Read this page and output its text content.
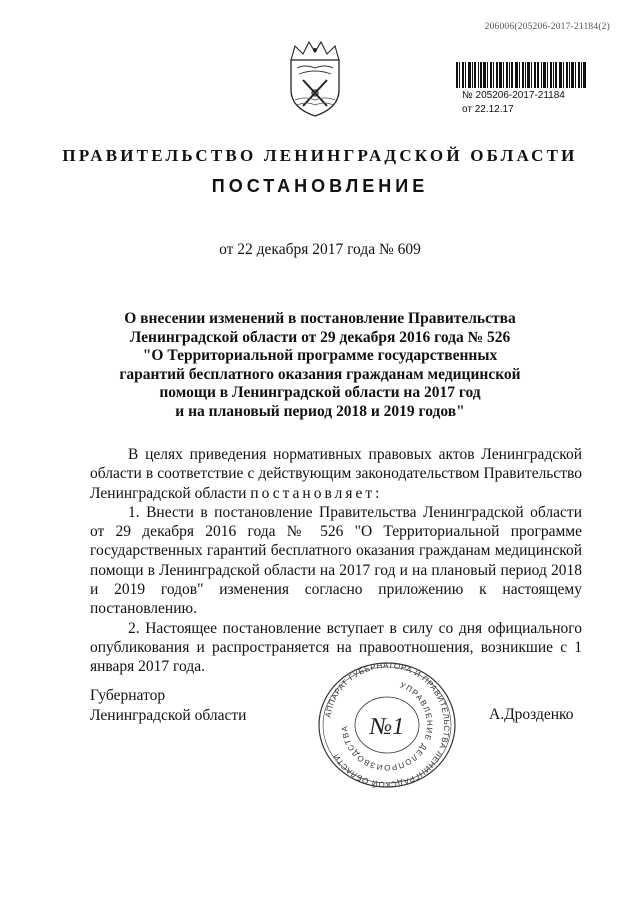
206006(205206-2017-21184(2)
№ 205206-2017-21184
от 22.12.17
ПРАВИТЕЛЬСТВО ЛЕНИНГРАДСКОЙ ОБЛАСТИ
ПОСТАНОВЛЕНИЕ
от 22 декабря 2017 года № 609
О внесении изменений в постановление Правительства
Ленинградской области от 29 декабря 2016 года № 526
"О Территориальной программе государственных
гарантий бесплатного оказания гражданам медицинской
помощи в Ленинградской области на 2017 год
и на плановый период 2018 и 2019 годов"

В целях приведения нормативных правовых актов Ленинградской области в соответствие с действующим законодательством Правительство Ленинградской области постановляет:

1. Внести в постановление Правительства Ленинградской области от 29 декабря 2016 года № 526 "О Территориальной программе государственных гарантий бесплатного оказания гражданам медицинской помощи в Ленинградской области на 2017 год и на плановый период 2018 и 2019 годов" изменения согласно приложению к настоящему постановлению.

2. Настоящее постановление вступает в силу со дня официального опубликования и распространяется на правоотношения, возникшие с 1 января 2017 года.

Губернатор
Ленинградской области	АППАРАТ ГУБЕРНАТОРА И ПРАВИТЕЛЬСТВА ЛЕНИНГРАДСКОЙ ОБЛАСТИ
УПРАВЛЕНИЕ ДЕЛОПРОИЗВОДСТВА №1	А.Дрозденко
